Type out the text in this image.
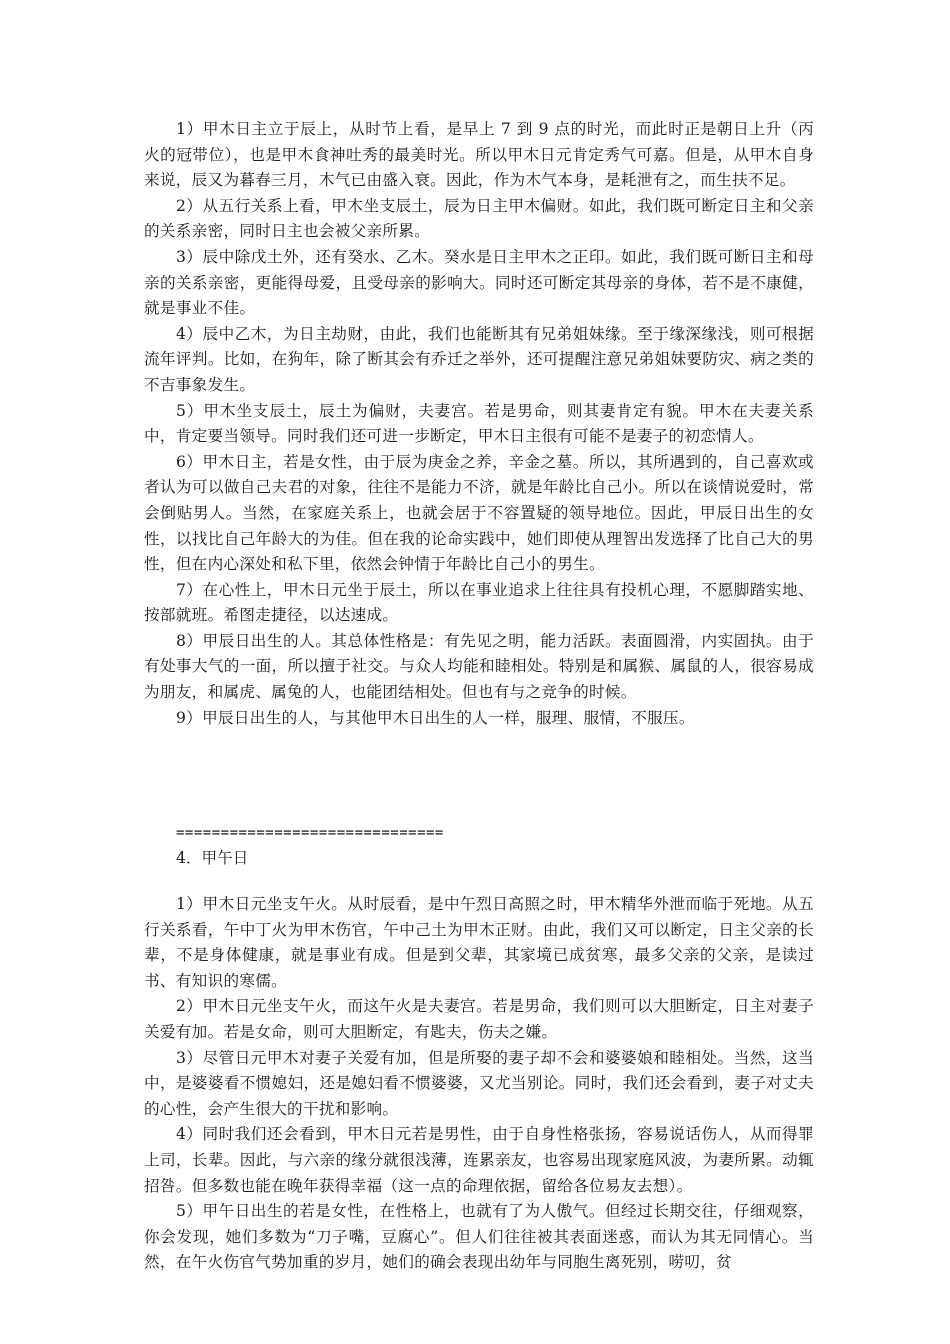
1）甲木日主立于辰上，从时节上看，是早上 7 到 9 点的时光，而此时正是朝日上升（丙火的冠带位），也是甲木食神吐秀的最美时光。所以甲木日元肯定秀气可嘉。但是，从甲木自身来说，辰又为暮春三月，木气已由盛入衰。因此，作为木气本身，是耗泄有之，而生扶不足。

2）从五行关系上看，甲木坐支辰土，辰为日主甲木偏财。如此，我们既可断定日主和父亲的关系亲密，同时日主也会被父亲所累。

3）辰中除戊土外，还有癸水、乙木。癸水是日主甲木之正印。如此，我们既可断日主和母亲的关系亲密，更能得母爱，且受母亲的影响大。同时还可断定其母亲的身体，若不是不康健，就是事业不佳。

4）辰中乙木，为日主劫财，由此，我们也能断其有兄弟姐妹缘。至于缘深缘浅，则可根据流年评判。比如，在狗年，除了断其会有乔迁之举外，还可提醒注意兄弟姐妹要防灾、病之类的不吉事象发生。

5）甲木坐支辰土，辰土为偏财，夫妻宫。若是男命，则其妻肯定有貌。甲木在夫妻关系中，肯定要当领导。同时我们还可进一步断定，甲木日主很有可能不是妻子的初恋情人。

6）甲木日主，若是女性，由于辰为庚金之养，辛金之墓。所以，其所遇到的，自己喜欢或者认为可以做自己夫君的对象，往往不是能力不济，就是年龄比自己小。所以在谈情说爱时，常会倒贴男人。当然，在家庭关系上，也就会居于不容置疑的领导地位。因此，甲辰日出生的女性，以找比自己年龄大的为佳。但在我的论命实践中，她们即使从理智出发选择了比自己大的男性，但在内心深处和私下里，依然会钟情于年龄比自己小的男生。

7）在心性上，甲木日元坐于辰土，所以在事业追求上往往具有投机心理，不愿脚踏实地、按部就班。希图走捷径，以达速成。

8）甲辰日出生的人。其总体性格是：有先见之明，能力活跃。表面圆滑，内实固执。由于有处事大气的一面，所以擅于社交。与众人均能和睦相处。特别是和属猴、属鼠的人，很容易成为朋友，和属虎、属兔的人，也能团结相处。但也有与之竞争的时候。

9）甲辰日出生的人，与其他甲木日出生的人一样，服理、服情，不服压。

==============================
4．甲午日

1）甲木日元坐支午火。从时辰看，是中午烈日高照之时，甲木精华外泄而临于死地。从五行关系看，午中丁火为甲木伤官，午中己土为甲木正财。由此，我们又可以断定，日主父亲的长辈，不是身体健康，就是事业有成。但是到父辈，其家境已成贫寒，最多父亲的父亲，是读过书、有知识的寒儒。

2）甲木日元坐支午火，而这午火是夫妻宫。若是男命，我们则可以大胆断定，日主对妻子关爱有加。若是女命，则可大胆断定，有匙夫，伤夫之嫌。

3）尽管日元甲木对妻子关爱有加，但是所娶的妻子却不会和婆婆娘和睦相处。当然，这当中，是婆婆看不惯媳妇，还是媳妇看不惯婆婆，又尤当别论。同时，我们还会看到，妻子对丈夫的心性，会产生很大的干扰和影响。

4）同时我们还会看到，甲木日元若是男性，由于自身性格张扬，容易说话伤人，从而得罪上司，长辈。因此，与六亲的缘分就很浅薄，连累亲友，也容易出现家庭风波，为妻所累。动辄招咎。但多数也能在晚年获得幸福（这一点的命理依据，留给各位易友去想）。

5）甲午日出生的若是女性，在性格上，也就有了为人傲气。但经过长期交往，仔细观察，你会发现，她们多数为“刀子嘴，豆腐心”。但人们往往被其表面迷惑，而认为其无同情心。当然，在午火伤官气势加重的岁月，她们的确会表现出幼年与同胞生离死别，唠叨，贫
